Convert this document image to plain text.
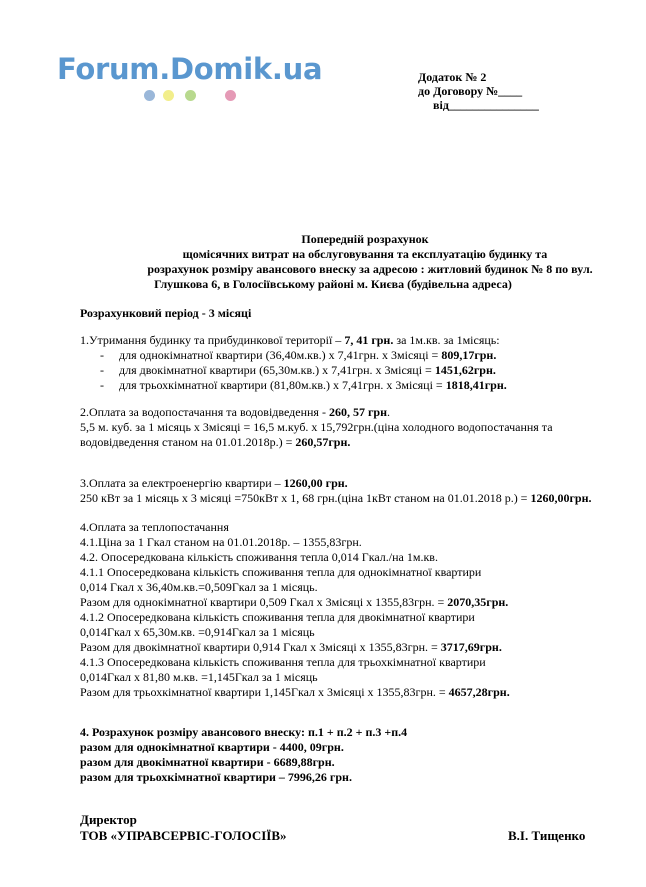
Forum.Domik.ua	Додаток № 2
до Договору №____
від_______________
Попередній розрахунок
щомісячних витрат на обслуговування та експлуатацію будинку та
розрахунок розміру авансового внеску за адресою : житловий будинок № 8 по вул.
Глушкова 6, в Голосіївському районі м. Києва (будівельна адреса)
Розрахунковий період - 3 місяці
1.Утримання будинку та прибудинкової території – 7, 41 грн. за 1м.кв. за 1місяць:
- для однокімнатної квартири (36,40м.кв.) х 7,41грн. х 3місяці = 809,17грн.
- для двокімнатної квартири (65,30м.кв.) х 7,41грн. х 3місяці = 1451,62грн.
- для трьохкімнатної квартири (81,80м.кв.) х 7,41грн. х 3місяці = 1818,41грн.
2.Оплата за водопостачання та водовідведення - 260, 57 грн.
5,5 м. куб. за 1 місяць х 3місяці = 16,5 м.куб. х 15,792грн.(ціна холодного водопостачання та
водовідведення станом на 01.01.2018р.) = 260,57грн.
3.Оплата за електроенергію квартири – 1260,00 грн.
250 кВт за 1 місяць х 3 місяці =750кВт х 1, 68 грн.(ціна 1кВт станом на 01.01.2018 р.) = 1260,00грн.
4.Оплата за теплопостачання
4.1.Ціна за 1 Гкал станом на 01.01.2018р. – 1355,83грн.
4.2. Опосередкована кількість споживання тепла 0,014 Гкал./на 1м.кв.
4.1.1 Опосередкована кількість споживання тепла для однокімнатної квартири
0,014 Гкал х 36,40м.кв.=0,509Гкал за 1 місяць.
Разом для однокімнатної квартири 0,509 Гкал х 3місяці х 1355,83грн. = 2070,35грн.
4.1.2 Опосередкована кількість споживання тепла для двокімнатної квартири
0,014Гкал х 65,30м.кв. =0,914Гкал за 1 місяць
Разом для двокімнатної квартири 0,914 Гкал х 3місяці х 1355,83грн. = 3717,69грн.
4.1.3 Опосередкована кількість споживання тепла для трьохкімнатної квартири
0,014Гкал х 81,80 м.кв. =1,145Гкал за 1 місяць
Разом для трьохкімнатної квартири 1,145Гкал х 3місяці х 1355,83грн. = 4657,28грн.
4. Розрахунок розміру авансового внеску: п.1 + п.2 + п.3 +п.4
разом для однокімнатної квартири - 4400, 09грн.
разом для двокімнатної квартири - 6689,88грн.
разом для трьохкімнатної квартири – 7996,26 грн.
Директор
ТОВ «УПРАВСЕРВІС-ГОЛОСІЇВ»	В.І. Тищенко
